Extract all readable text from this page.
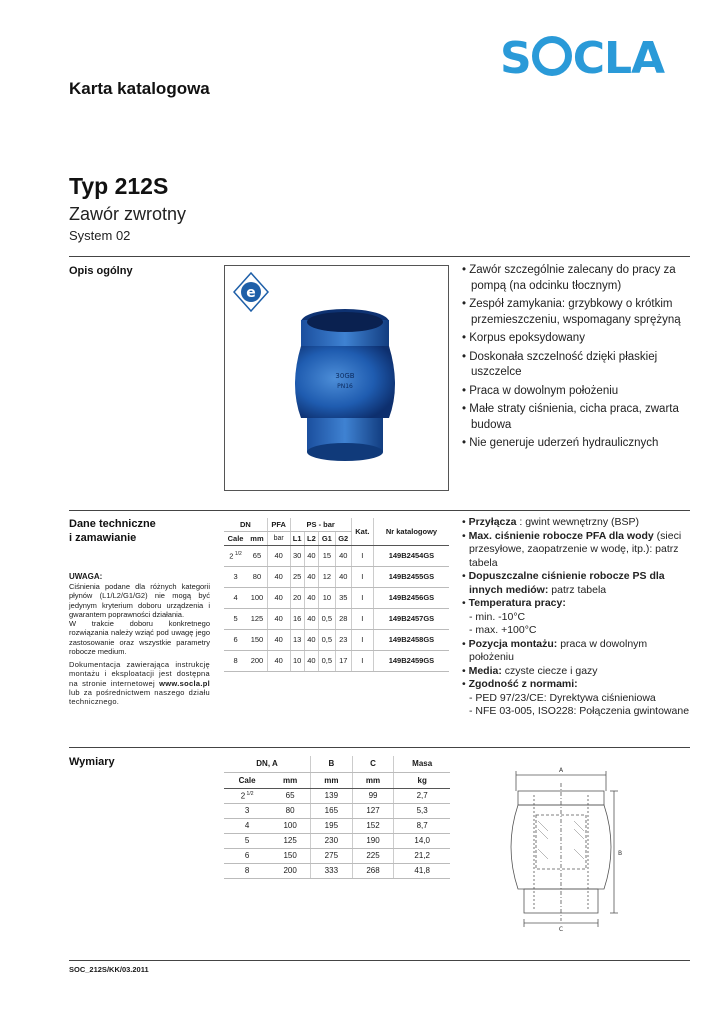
S CLA
Karta katalogowa
Typ 212S
Zawór zwrotny
System 02
Opis ogólny
e
30GB
PN16
• Zawór szczególnie zalecany do pracy za pompą (na odcinku tłocznym)
• Zespół zamykania: grzybkowy o krótkim przemieszczeniu, wspomagany sprężyną
• Korpus epoksydowany
• Doskonała szczelność dzięki płaskiej uszczelce
• Praca w dowolnym położeniu
• Małe straty ciśnienia, cicha praca, zwarta budowa
• Nie generuje uderzeń hydraulicznych
Dane techniczne
i zamawianie
UWAGA:

Ciśnienia podane dla różnych kategorii płynów (L1/L2/G1/G2) nie mogą być jedynym kryterium doboru urządzenia i gwarantem poprawności działania.

W trakcie doboru konkretnego rozwiązania należy wziąć pod uwagę jego zastosowanie oraz wszystkie parametry robocze medium.

Dokumentacja zawierająca instrukcję montażu i eksploatacji jest dostępna na stronie internetowej www.socla.pl lub za pośrednictwem naszego działu technicznego.
DN		PFA	PS - bar				Kat.	Nr katalogowy
Cale	mm	bar	L1	L2	G1	G2		
2 $^{1/2}$	65	40	30	40	15	40	I	149B2454GS
3	80	40	25	40	12	40	I	149B2455GS
4	100	40	20	40	10	35	I	149B2456GS
5	125	40	16	40	0,5	28	I	149B2457GS
6	150	40	13	40	0,5	23	I	149B2458GS
8	200	40	10	40	0,5	17	I	149B2459GS
• Przyłącza : gwint wewnętrzny (BSP)
• Max. ciśnienie robocze PFA dla wody (sieci przesyłowe, zaopatrzenie w wodę, itp.): patrz tabela
• Dopuszczalne ciśnienie robocze PS dla innych mediów: patrz tabela
• Temperatura pracy:
- min. -10°C
- max. +100°C
• Pozycja montażu: praca w dowolnym położeniu
• Media: czyste ciecze i gazy
• Zgodność z normami:
- PED 97/23/CE: Dyrektywa ciśnieniowa
- NFE 03-005, ISO228: Połączenia gwintowane
Wymiary	DN, A		B	C	Masa
Cale	mm	mm	mm	kg
2 $^{1/2}$	65	139	99	2,7
3	80	165	127	5,3
4	100	195	152	8,7
5	125	230	190	14,0
6	150	275	225	21,2
8	200	333	268	41,8
A
B
C
SOC_212S/KK/03.2011
